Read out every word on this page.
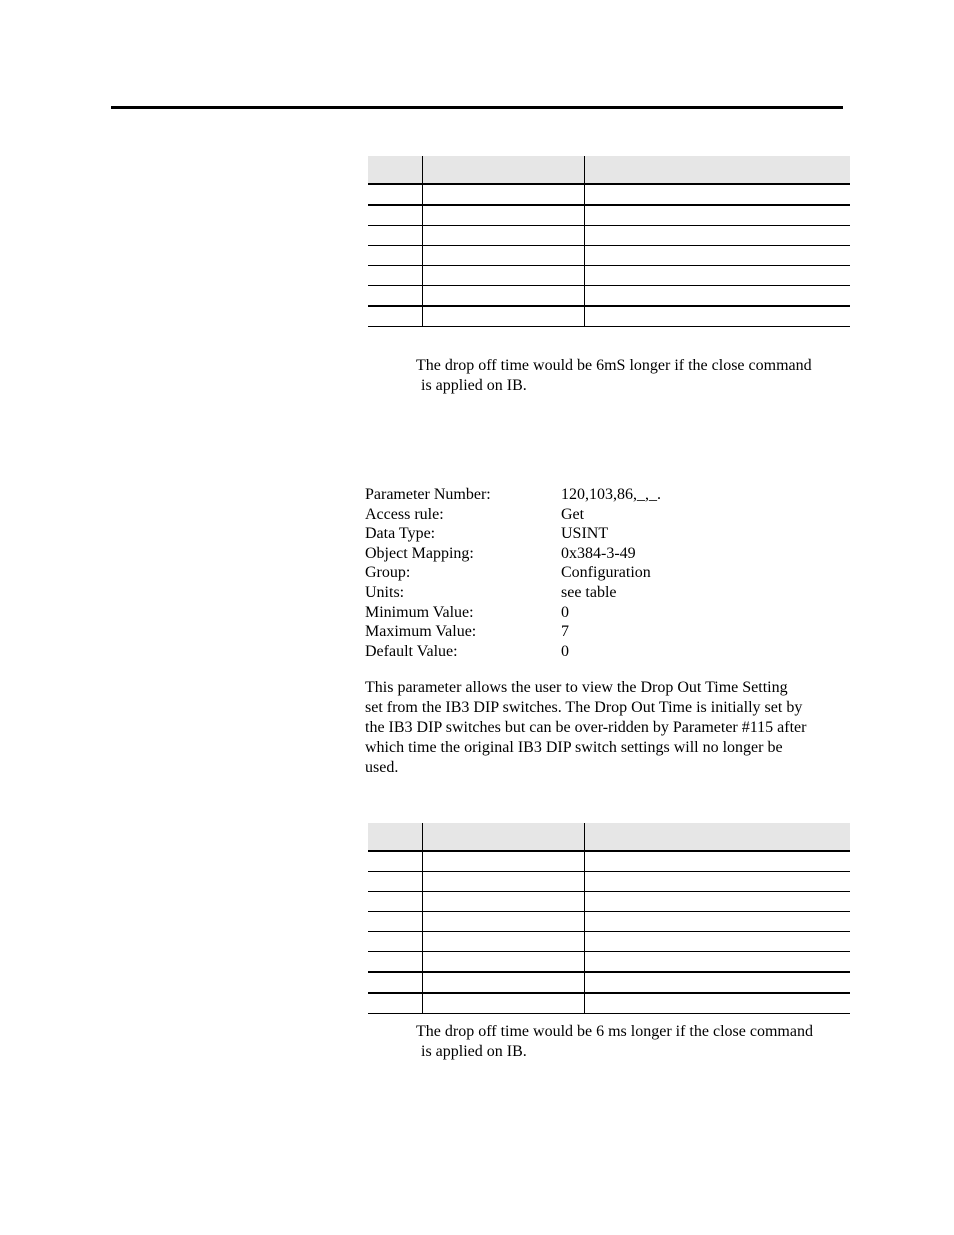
The drop off time would be 6mS longer if the close command
is applied on IB.
Parameter Number:	120,103,86,_,_.
Access rule:	Get
Data Type:	USINT
Object Mapping:	0x384-3-49
Group:	Configuration
Units:	see table
Minimum Value:	0
Maximum Value:	7
Default Value:	0
This parameter allows the user to view the Drop Out Time Setting
set from the IB3 DIP switches. The Drop Out Time is initially set by
the IB3 DIP switches but can be over-ridden by Parameter #115 after
which time the original IB3 DIP switch settings will no longer be
used.
The drop off time would be 6 ms longer if the close command
is applied on IB.
